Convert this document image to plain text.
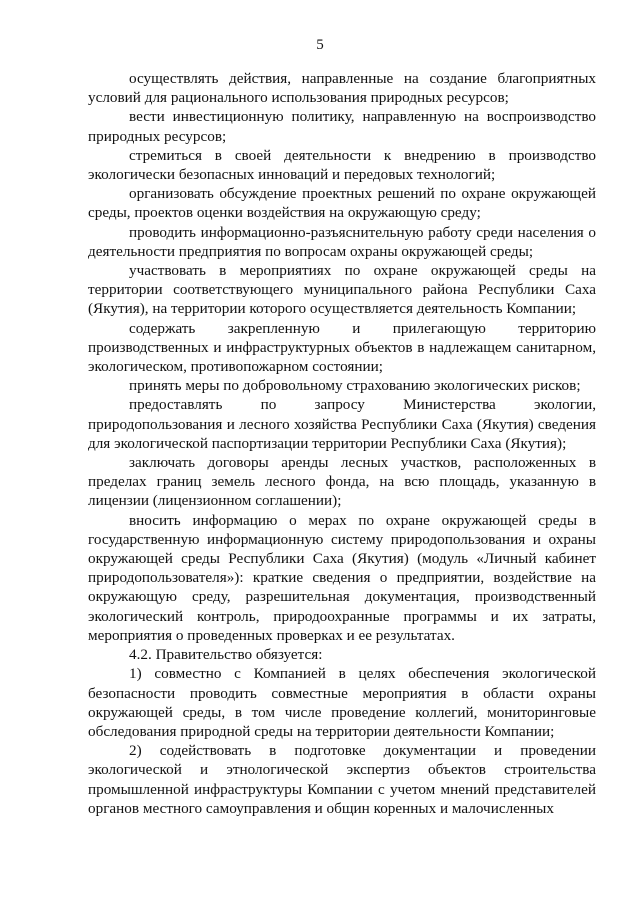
5

осуществлять действия, направленные на создание благоприятных условий для рационального использования природных ресурсов;

вести инвестиционную политику, направленную на воспроизводство природных ресурсов;

стремиться в своей деятельности к внедрению в производство экологически безопасных инноваций и передовых технологий;

организовать обсуждение проектных решений по охране окружающей среды, проектов оценки воздействия на окружающую среду;

проводить информационно-разъяснительную работу среди населения о деятельности предприятия по вопросам охраны окружающей среды;

участвовать в мероприятиях по охране окружающей среды на территории соответствующего муниципального района Республики Саха (Якутия), на территории которого осуществляется деятельность Компании;

содержать закрепленную и прилегающую территорию производственных и инфраструктурных объектов в надлежащем санитарном, экологическом, противопожарном состоянии;

принять меры по добровольному страхованию экологических рисков;

предоставлять по запросу Министерства экологии, природопользования и лесного хозяйства Республики Саха (Якутия) сведения для экологической паспортизации территории Республики Саха (Якутия);

заключать договоры аренды лесных участков, расположенных в пределах границ земель лесного фонда, на всю площадь, указанную в лицензии (лицензионном соглашении);

вносить информацию о мерах по охране окружающей среды в государственную информационную систему природопользования и охраны окружающей среды Республики Саха (Якутия) (модуль «Личный кабинет природопользователя»): краткие сведения о предприятии, воздействие на окружающую среду, разрешительная документация, производственный экологический контроль, природоохранные программы и их затраты, мероприятия о проведенных проверках и ее результатах.

4.2. Правительство обязуется:

1) совместно с Компанией в целях обеспечения экологической безопасности проводить совместные мероприятия в области охраны окружающей среды, в том числе проведение коллегий, мониторинговые обследования природной среды на территории деятельности Компании;

2) содействовать в подготовке документации и проведении экологической и этнологической экспертиз объектов строительства промышленной инфраструктуры Компании с учетом мнений представителей органов местного самоуправления и общин коренных и малочисленных
